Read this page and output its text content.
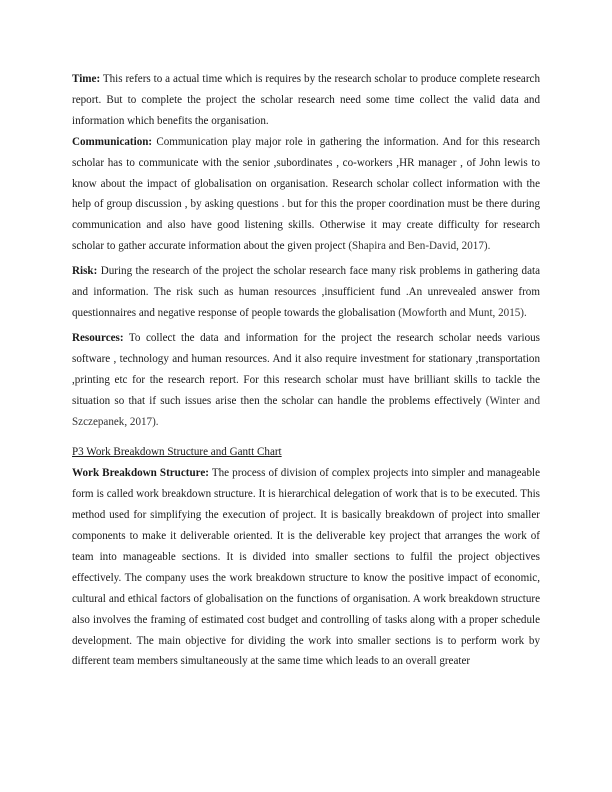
Time: This refers to a actual time which is requires by the research scholar to produce complete research report. But to complete the project the scholar research need some time collect the valid data and information which benefits the organisation.

Communication: Communication play major role in gathering the information. And for this research scholar has to communicate with the senior ,subordinates , co-workers ,HR manager , of John lewis to know about the impact of globalisation on organisation. Research scholar collect information with the help of group discussion , by asking questions . but for this the proper coordination must be there during communication and also have good listening skills. Otherwise it may create difficulty for research scholar to gather accurate information about the given project (Shapira and Ben-David, 2017).

Risk: During the research of the project the scholar research face many risk problems in gathering data and information. The risk such as human resources ,insufficient fund .An unrevealed answer from questionnaires and negative response of people towards the globalisation (Mowforth and Munt, 2015).

Resources: To collect the data and information for the project the research scholar needs various software , technology and human resources. And it also require investment for stationary ,transportation ,printing etc for the research report. For this research scholar must have brilliant skills to tackle the situation so that if such issues arise then the scholar can handle the problems effectively (Winter and Szczepanek, 2017).

P3 Work Breakdown Structure and Gantt Chart

Work Breakdown Structure: The process of division of complex projects into simpler and manageable form is called work breakdown structure. It is hierarchical delegation of work that is to be executed. This method used for simplifying the execution of project. It is basically breakdown of project into smaller components to make it deliverable oriented. It is the deliverable key project that arranges the work of team into manageable sections. It is divided into smaller sections to fulfil the project objectives effectively. The company uses the work breakdown structure to know the positive impact of economic, cultural and ethical factors of globalisation on the functions of organisation. A work breakdown structure also involves the framing of estimated cost budget and controlling of tasks along with a proper schedule development. The main objective for dividing the work into smaller sections is to perform work by different team members simultaneously at the same time which leads to an overall greater
